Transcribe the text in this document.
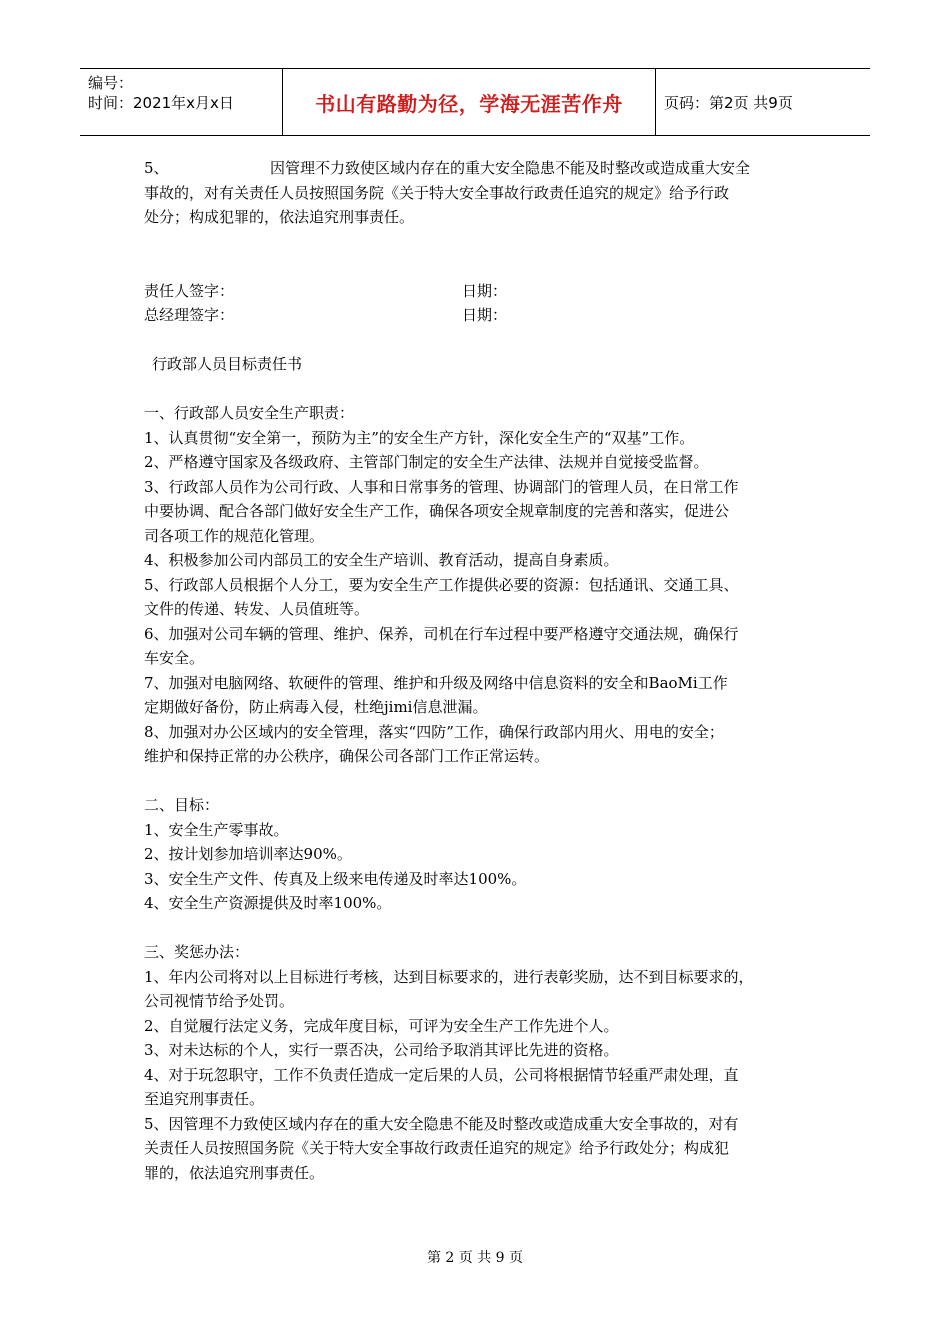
编号：
时间：2021年x月x日	书山有路勤为径，学海无涯苦作舟	页码：第2页 共9页
5、	因管理不力致使区域内存在的重大安全隐患不能及时整改或造成重大安全
事故的，对有关责任人员按照国务院《关于特大安全事故行政责任追究的规定》给予行政
处分；构成犯罪的，依法追究刑事责任。
责任人签字：	日期：
总经理签字：	日期：
行政部人员目标责任书
一、行政部人员安全生产职责：
1、认真贯彻“安全第一，预防为主”的安全生产方针，深化安全生产的“双基”工作。
2、严格遵守国家及各级政府、主管部门制定的安全生产法律、法规并自觉接受监督。
3、行政部人员作为公司行政、人事和日常事务的管理、协调部门的管理人员，在日常工作
中要协调、配合各部门做好安全生产工作，确保各项安全规章制度的完善和落实，促进公
司各项工作的规范化管理。
4、积极参加公司内部员工的安全生产培训、教育活动，提高自身素质。
5、行政部人员根据个人分工，要为安全生产工作提供必要的资源：包括通讯、交通工具、
文件的传递、转发、人员值班等。
6、加强对公司车辆的管理、维护、保养，司机在行车过程中要严格遵守交通法规，确保行
车安全。
7、加强对电脑网络、软硬件的管理、维护和升级及网络中信息资料的安全和BaoMi工作
定期做好备份，防止病毒入侵，杜绝jimi信息泄漏。
8、加强对办公区域内的安全管理，落实“四防”工作，确保行政部内用火、用电的安全；
维护和保持正常的办公秩序，确保公司各部门工作正常运转。
二、目标：
1、安全生产零事故。
2、按计划参加培训率达90%。
3、安全生产文件、传真及上级来电传递及时率达100%。
4、安全生产资源提供及时率100%。
三、奖惩办法：
1、年内公司将对以上目标进行考核，达到目标要求的，进行表彰奖励，达不到目标要求的，
公司视情节给予处罚。
2、自觉履行法定义务，完成年度目标，可评为安全生产工作先进个人。
3、对未达标的个人，实行一票否决，公司给予取消其评比先进的资格。
4、对于玩忽职守，工作不负责任造成一定后果的人员，公司将根据情节轻重严肃处理，直
至追究刑事责任。
5、因管理不力致使区域内存在的重大安全隐患不能及时整改或造成重大安全事故的，对有
关责任人员按照国务院《关于特大安全事故行政责任追究的规定》给予行政处分；构成犯
罪的，依法追究刑事责任。
第 2 页 共 9 页
